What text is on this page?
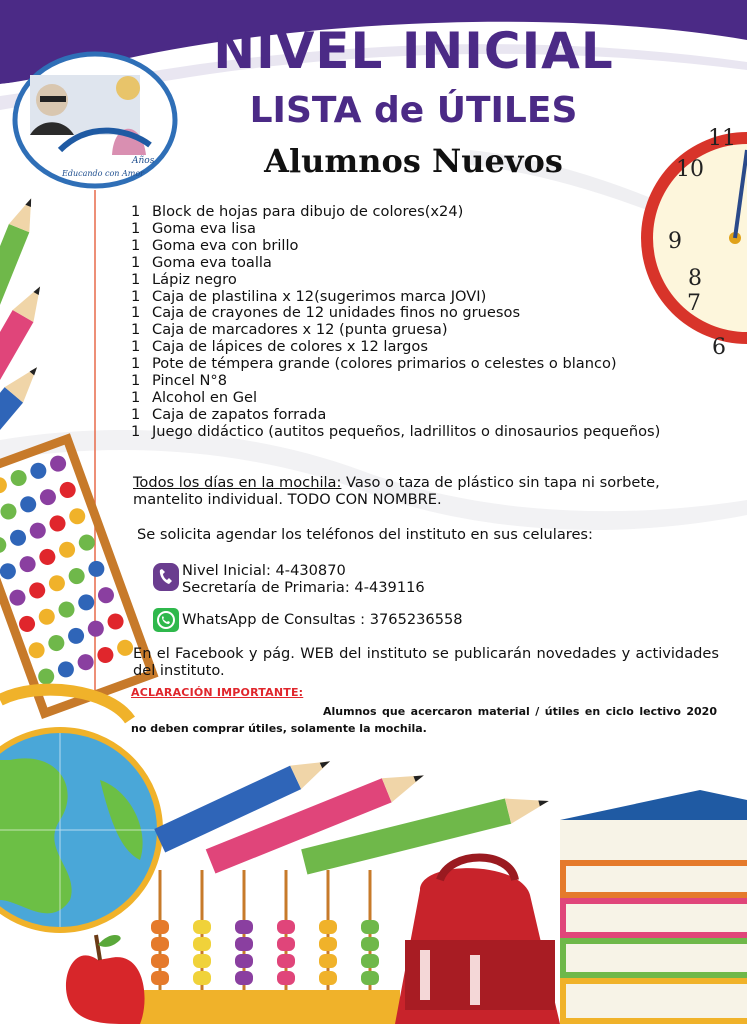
Años
Educando con Amor
11
10
9
8
7
6
NIVEL INICIAL
LISTA de ÚTILES
Alumnos Nuevos
1 Block de hojas para dibujo de colores(x24)
1 Goma eva lisa
1 Goma eva con brillo
1 Goma eva toalla
1 Lápiz negro
1 Caja de plastilina x 12(sugerimos marca JOVI)
1 Caja de crayones de 12 unidades finos no gruesos
1 Caja de marcadores x 12 (punta gruesa)
1 Caja de lápices de colores x 12 largos
1 Pote de témpera grande (colores primarios o celestes o blanco)
1 Pincel N°8
1 Alcohol en Gel
1 Caja de zapatos forrada
1 Juego didáctico (autitos pequeños, ladrillitos o dinosaurios pequeños)

Todos los días en la mochila: Vaso o taza de plástico sin tapa ni sorbete, mantelito individual. TODO CON NOMBRE.

Se solicita agendar los teléfonos del instituto en sus celulares:

Nivel Inicial: 4-430870

Secretaría de Primaria: 4-439116

WhatsApp de Consultas : 3765236558

En el Facebook y pág. WEB del instituto se publicarán novedades y actividades del instituto.

ACLARACIÓN IMPORTANTE:

Alumnos que acercaron material / útiles en ciclo lectivo 2020 no deben comprar útiles, solamente la mochila.
